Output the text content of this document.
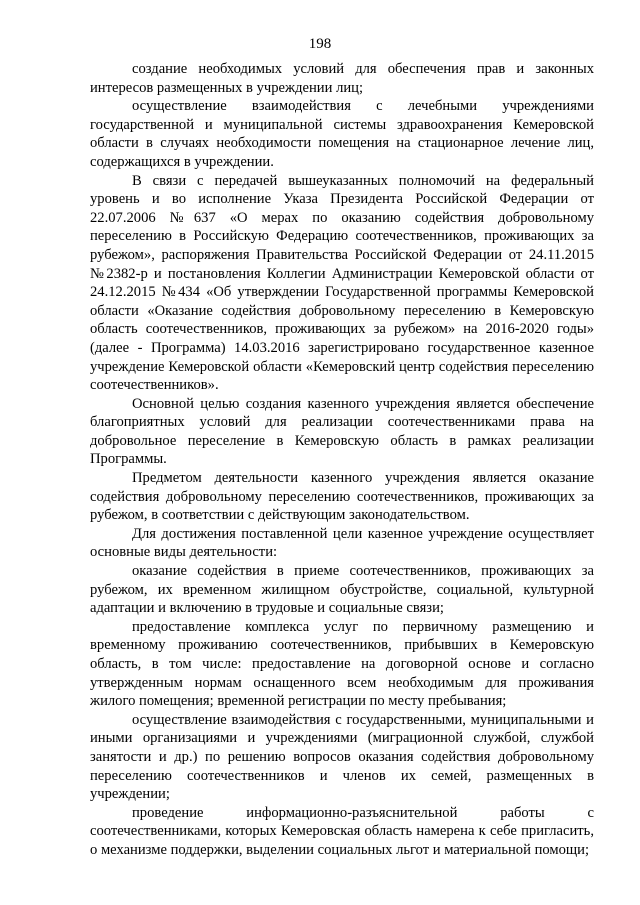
198

создание необходимых условий для обеспечения прав и законных интересов размещенных в учреждении лиц;

осуществление взаимодействия с лечебными учреждениями государственной и муниципальной системы здравоохранения Кемеровской области в случаях необходимости помещения на стационарное лечение лиц, содержащихся в учреждении.

В связи с передачей вышеуказанных полномочий на федеральный уровень и во исполнение Указа Президента Российской Федерации от 22.07.2006 №637 «О мерах по оказанию содействия добровольному переселению в Российскую Федерацию соотечественников, проживающих за рубежом», распоряжения Правительства Российской Федерации от 24.11.2015 №2382-р и постановления Коллегии Администрации Кемеровской области от 24.12.2015 №434 «Об утверждении Государственной программы Кемеровской области «Оказание содействия добровольному переселению в Кемеровскую область соотечественников, проживающих за рубежом» на 2016-2020 годы» (далее - Программа) 14.03.2016 зарегистрировано государственное казенное учреждение Кемеровской области «Кемеровский центр содействия переселению соотечественников».

Основной целью создания казенного учреждения является обеспечение благоприятных условий для реализации соотечественниками права на добровольное переселение в Кемеровскую область в рамках реализации Программы.

Предметом деятельности казенного учреждения является оказание содействия добровольному переселению соотечественников, проживающих за рубежом, в соответствии с действующим законодательством.

Для достижения поставленной цели казенное учреждение осуществляет основные виды деятельности:

оказание содействия в приеме соотечественников, проживающих за рубежом, их временном жилищном обустройстве, социальной, культурной адаптации и включению в трудовые и социальные связи;

предоставление комплекса услуг по первичному размещению и временному проживанию соотечественников, прибывших в Кемеровскую область, в том числе: предоставление на договорной основе и согласно утвержденным нормам оснащенного всем необходимым для проживания жилого помещения; временной регистрации по месту пребывания;

осуществление взаимодействия с государственными, муниципальными и иными организациями и учреждениями (миграционной службой, службой занятости и др.) по решению вопросов оказания содействия добровольному переселению соотечественников и членов их семей, размещенных в учреждении;

проведение информационно-разъяснительной работы с соотечественниками, которых Кемеровская область намерена к себе пригласить, о механизме поддержки, выделении социальных льгот и материальной помощи;
